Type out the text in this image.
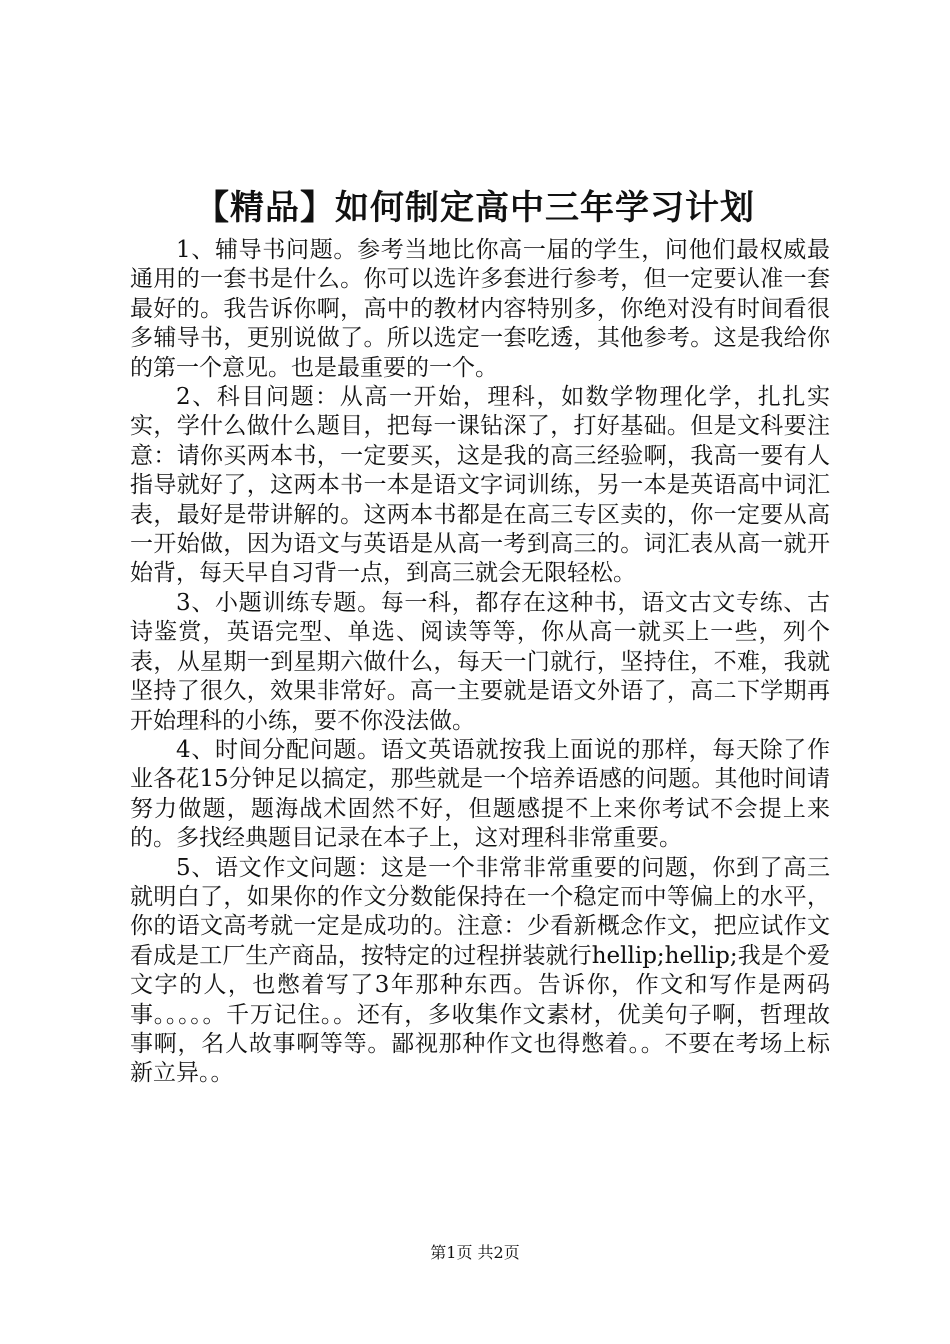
【精品】如何制定高中三年学习计划

1、辅导书问题。参考当地比你高一届的学生，问他们最权威最通用的一套书是什么。你可以选许多套进行参考，但一定要认准一套最好的。我告诉你啊，高中的教材内容特别多，你绝对没有时间看很多辅导书，更别说做了。所以选定一套吃透，其他参考。这是我给你的第一个意见。也是最重要的一个。

2、科目问题：从高一开始，理科，如数学物理化学，扎扎实实，学什么做什么题目，把每一课钻深了，打好基础。但是文科要注意：请你买两本书，一定要买，这是我的高三经验啊，我高一要有人指导就好了，这两本书一本是语文字词训练，另一本是英语高中词汇表，最好是带讲解的。这两本书都是在高三专区卖的，你一定要从高一开始做，因为语文与英语是从高一考到高三的。词汇表从高一就开始背，每天早自习背一点，到高三就会无限轻松。

3、小题训练专题。每一科，都存在这种书，语文古文专练、古诗鉴赏，英语完型、单选、阅读等等，你从高一就买上一些，列个表，从星期一到星期六做什么，每天一门就行，坚持住，不难，我就坚持了很久，效果非常好。高一主要就是语文外语了，高二下学期再开始理科的小练，要不你没法做。

4、时间分配问题。语文英语就按我上面说的那样，每天除了作业各花15分钟足以搞定，那些就是一个培养语感的问题。其他时间请努力做题，题海战术固然不好，但题感提不上来你考试不会提上来的。多找经典题目记录在本子上，这对理科非常重要。

5、语文作文问题：这是一个非常非常重要的问题，你到了高三就明白了，如果你的作文分数能保持在一个稳定而中等偏上的水平，你的语文高考就一定是成功的。注意：少看新概念作文，把应试作文看成是工厂生产商品，按特定的过程拼装就行hellip;hellip;我是个爱文字的人，也憋着写了3年那种东西。告诉你，作文和写作是两码事。。。。。千万记住。。还有，多收集作文素材，优美句子啊，哲理故事啊，名人故事啊等等。鄙视那种作文也得憋着。。不要在考场上标新立异。。

第1页 共2页
